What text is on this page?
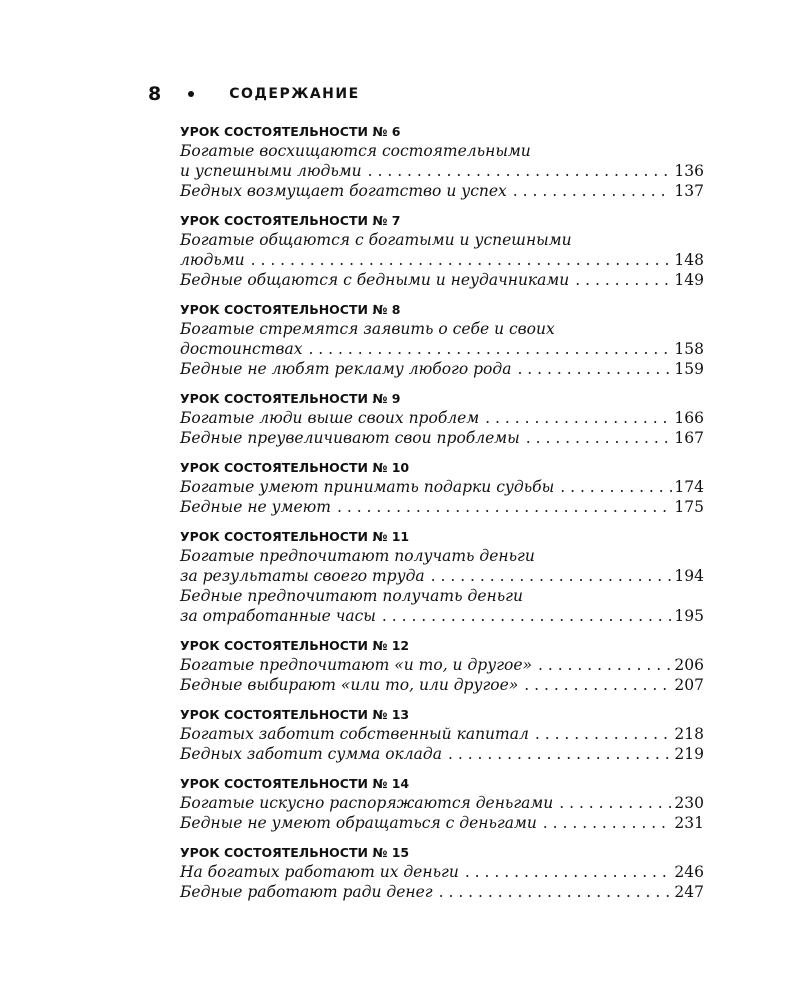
8	СОДЕРЖАНИЕ
УРОК СОСТОЯТЕЛЬНОСТИ № 6
Богатые восхищаются состоятельными
и успешными людьми . . .	136
Бедных возмущает богатство и успех . . .	137
УРОК СОСТОЯТЕЛЬНОСТИ № 7
Богатые общаются с богатыми и успешными
людьми . . .	148
Бедные общаются с бедными и неудачниками . . .	149
УРОК СОСТОЯТЕЛЬНОСТИ № 8
Богатые стремятся заявить о себе и своих
достоинствах . . .	158
Бедные не любят рекламу любого рода . . .	159
УРОК СОСТОЯТЕЛЬНОСТИ № 9
Богатые люди выше своих проблем . . .	166
Бедные преувеличивают свои проблемы . . .	167
УРОК СОСТОЯТЕЛЬНОСТИ № 10
Богатые умеют принимать подарки судьбы . . .	174
Бедные не умеют . . .	175
УРОК СОСТОЯТЕЛЬНОСТИ № 11
Богатые предпочитают получать деньги
за результаты своего труда . . .	194
Бедные предпочитают получать деньги
за отработанные часы . . .	195
УРОК СОСТОЯТЕЛЬНОСТИ № 12
Богатые предпочитают «и то, и другое» . . .	206
Бедные выбирают «или то, или другое» . . .	207
УРОК СОСТОЯТЕЛЬНОСТИ № 13
Богатых заботит собственный капитал . . .	218
Бедных заботит сумма оклада . . .	219
УРОК СОСТОЯТЕЛЬНОСТИ № 14
Богатые искусно распоряжаются деньгами . . .	230
Бедные не умеют обращаться с деньгами . . .	231
УРОК СОСТОЯТЕЛЬНОСТИ № 15
На богатых работают их деньги . . .	246
Бедные работают ради денег . . .	247
